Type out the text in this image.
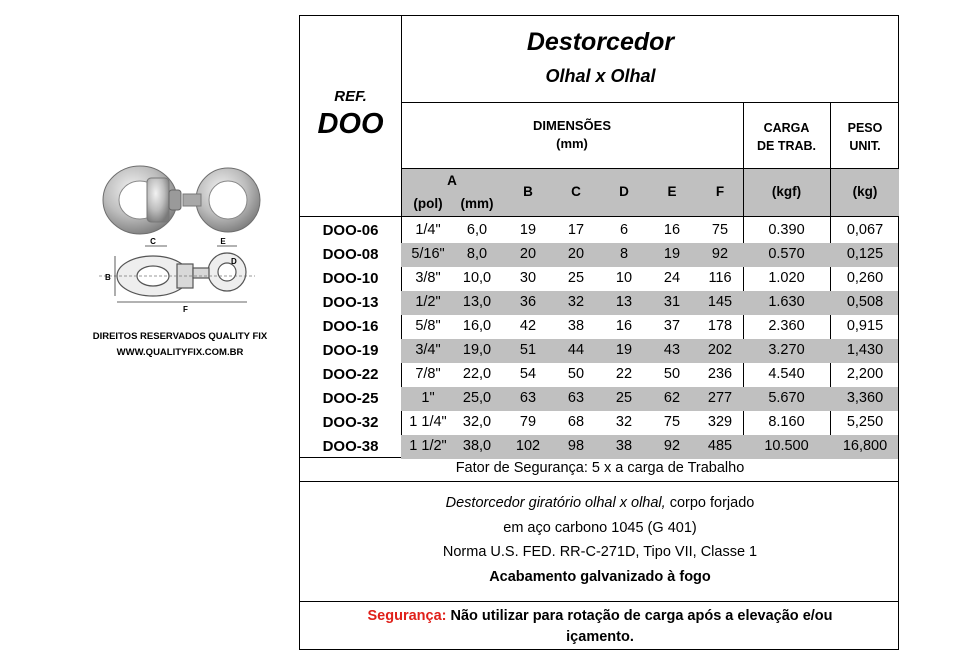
C	E
B
D
F
DIREITOS RESERVADOS QUALITY FIX
WWW.QUALITYFIX.COM.BR
REF.
DOO
Destorcedor
Olhal x Olhal
DIMENSÕES
(mm)
CARGA
DE TRAB.
PESO
UNIT.
A
(pol)	(mm)
B	C	D	E	F	(kgf)	(kg)
DOO-06	1/4"	6,0	19	17	6	16	75	0.390	0,067
DOO-08	5/16"	8,0	20	20	8	19	92	0.570	0,125
DOO-10	3/8"	10,0	30	25	10	24	116	1.020	0,260
DOO-13	1/2"	13,0	36	32	13	31	145	1.630	0,508
DOO-16	5/8"	16,0	42	38	16	37	178	2.360	0,915
DOO-19	3/4"	19,0	51	44	19	43	202	3.270	1,430
DOO-22	7/8"	22,0	54	50	22	50	236	4.540	2,200
DOO-25	1"	25,0	63	63	25	62	277	5.670	3,360
DOO-32	1 1/4"	32,0	79	68	32	75	329	8.160	5,250
DOO-38	1 1/2"	38,0	102	98	38	92	485	10.500	16,800
Fator de Segurança: 5 x a carga de Trabalho
Destorcedor giratório olhal x olhal, corpo forjado
em aço carbono 1045 (G 401)
Norma U.S. FED. RR-C-271D, Tipo VII, Classe 1
Acabamento galvanizado à fogo
Segurança: Não utilizar para rotação de carga após a elevação e/ou içamento.
